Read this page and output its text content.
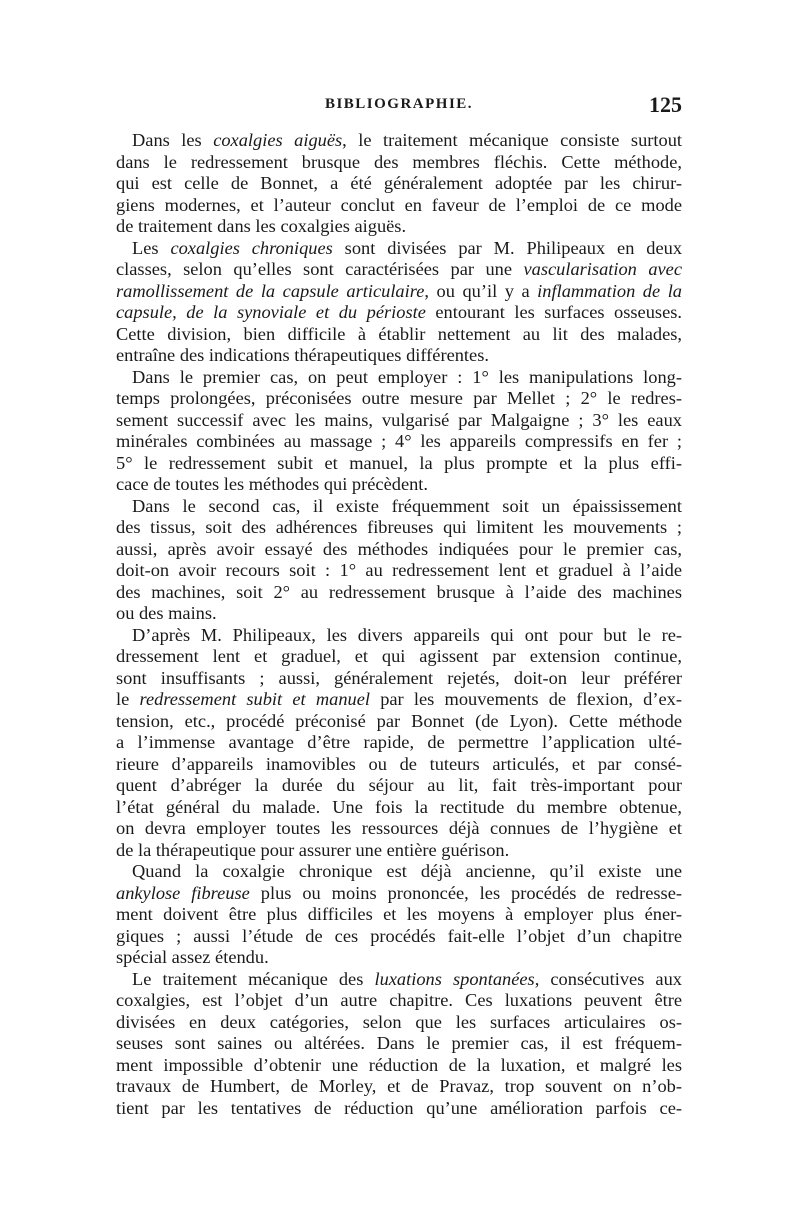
BIBLIOGRAPHIE.	125
Dans les coxalgies aiguës, le traitement mécanique consiste surtout
dans le redressement brusque des membres fléchis. Cette méthode,
qui est celle de Bonnet, a été généralement adoptée par les chirur-
giens modernes, et l’auteur conclut en faveur de l’emploi de ce mode
de traitement dans les coxalgies aiguës.
Les coxalgies chroniques sont divisées par M. Philipeaux en deux
classes, selon qu’elles sont caractérisées par une vascularisation avec
ramollissement de la capsule articulaire, ou qu’il y a inflammation de la
capsule, de la synoviale et du périoste entourant les surfaces osseuses.
Cette division, bien difficile à établir nettement au lit des malades,
entraîne des indications thérapeutiques différentes.
Dans le premier cas, on peut employer : 1° les manipulations long-
temps prolongées, préconisées outre mesure par Mellet ; 2° le redres-
sement successif avec les mains, vulgarisé par Malgaigne ; 3° les eaux
minérales combinées au massage ; 4° les appareils compressifs en fer ;
5° le redressement subit et manuel, la plus prompte et la plus effi-
cace de toutes les méthodes qui précèdent.
Dans le second cas, il existe fréquemment soit un épaississement
des tissus, soit des adhérences fibreuses qui limitent les mouvements ;
aussi, après avoir essayé des méthodes indiquées pour le premier cas,
doit-on avoir recours soit : 1° au redressement lent et graduel à l’aide
des machines, soit 2° au redressement brusque à l’aide des machines
ou des mains.
D’après M. Philipeaux, les divers appareils qui ont pour but le re-
dressement lent et graduel, et qui agissent par extension continue,
sont insuffisants ; aussi, généralement rejetés, doit-on leur préférer
le redressement subit et manuel par les mouvements de flexion, d’ex-
tension, etc., procédé préconisé par Bonnet (de Lyon). Cette méthode
a l’immense avantage d’être rapide, de permettre l’application ulté-
rieure d’appareils inamovibles ou de tuteurs articulés, et par consé-
quent d’abréger la durée du séjour au lit, fait très-important pour
l’état général du malade. Une fois la rectitude du membre obtenue,
on devra employer toutes les ressources déjà connues de l’hygiène et
de la thérapeutique pour assurer une entière guérison.
Quand la coxalgie chronique est déjà ancienne, qu’il existe une
ankylose fibreuse plus ou moins prononcée, les procédés de redresse-
ment doivent être plus difficiles et les moyens à employer plus éner-
giques ; aussi l’étude de ces procédés fait-elle l’objet d’un chapitre
spécial assez étendu.
Le traitement mécanique des luxations spontanées, consécutives aux
coxalgies, est l’objet d’un autre chapitre. Ces luxations peuvent être
divisées en deux catégories, selon que les surfaces articulaires os-
seuses sont saines ou altérées. Dans le premier cas, il est fréquem-
ment impossible d’obtenir une réduction de la luxation, et malgré les
travaux de Humbert, de Morley, et de Pravaz, trop souvent on n’ob-
tient par les tentatives de réduction qu’une amélioration parfois ce-
